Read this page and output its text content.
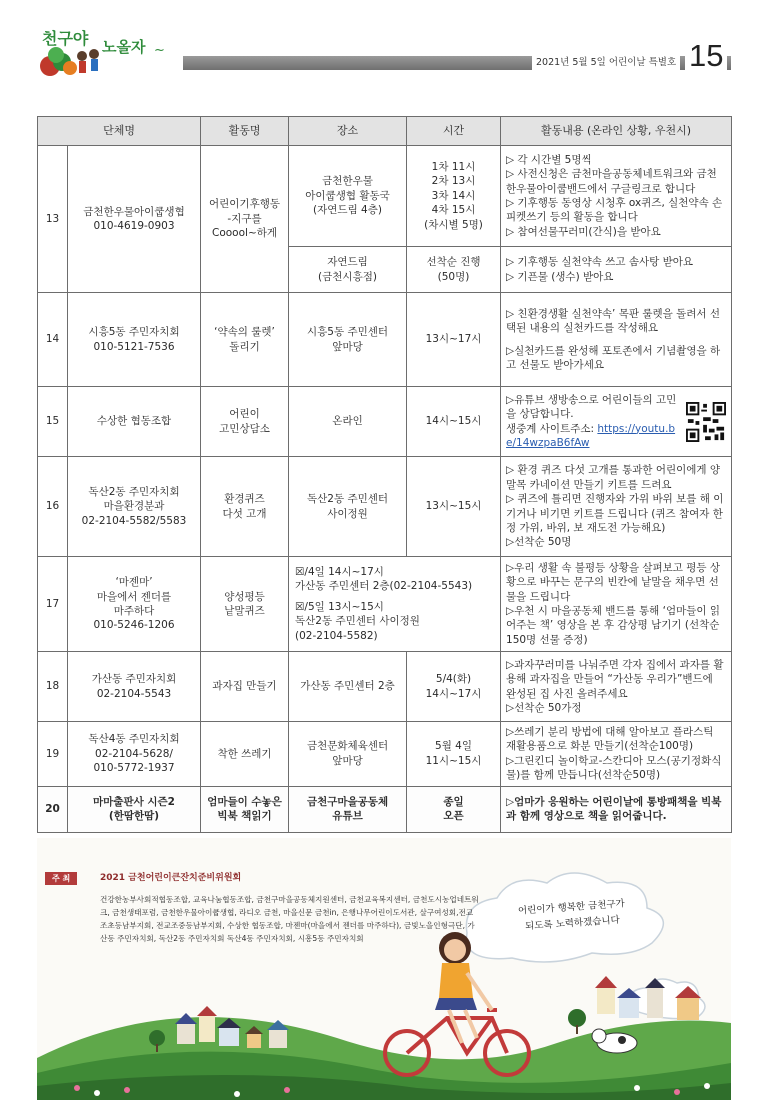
천구야 노올자 ~
2021년 5월 5일 어린이날 특별호 15
단체명		활동명	장소	시간	활동내용 (온라인 상황, 우천시)
13	금천한우물아이쿱생협
010-4619-0903	어린이기후행동
-지구를
Cooool~하게	금천한우물
아이쿱생협 활동국
(자연드림 4층)	1차 11시
2차 13시
3차 14시
4차 15시
(차시별 5명)	▷ 각 시간별 5명씩
▷ 사전신청은 금천마을공동체네트워크와 금천한우물아이쿱밴드에서 구글링크로 합니다
▷ 기후행동 동영상 시청후 ox퀴즈, 실천약속 손피켓쓰기 등의 활동을 합니다
▷ 참여선물꾸러미(간식)을 받아요

			자연드림
(금천시흥점)	선착순 진행
(50명)	▷ 기후행동 실천약속 쓰고 솜사탕 받아요
▷ 기픈물 (생수) 받아요

14	시흥5동 주민자치회
010-5121-7536	‘약속의 룰렛’
돌리기	시흥5동 주민센터
앞마당	13시~17시	▷ 친환경생활 실천약속’ 목판 룰렛을 돌려서 선택된 내용의 실천카드를 작성해요
▷실천카드를 완성해 포토존에서 기념촬영을 하고 선물도 받아가세요

15	수상한 협동조합	어린이
고민상담소	온라인	14시~15시	▷유튜브 생방송으로 어린이들의 고민을 상담합니다.
생중계 사이트주소: https://youtu.be/14wzpaB6fAw

16	독산2동 주민자치회
마을환경분과
02-2104-5582/5583	환경퀴즈
다섯 고개	독산2동 주민센터
사이정원	13시~15시	▷ 환경 퀴즈 다섯 고개를 통과한 어린이에게 양말목 카네이션 만들기 키트를 드려요
▷ 퀴즈에 틀리면 진행자와 가위 바위 보를 해 이기거나 비기면 키트를 드립니다 (퀴즈 참여자 한정 가위, 바위, 보 재도전 가능해요)
▷선착순 50명

17	‘마젠마’
마을에서 젠더를
마주하다
010-5246-1206	양성평등
낱말퀴즈	☒/4일 14시~17시
가산동 주민센터 2층(02-2104-5543)
☒/5일 13시~15시
독산2동 주민센터 사이정원
(02-2104-5582)		▷우리 생활 속 불평등 상황을 살펴보고 평등 상황으로 바꾸는 문구의 빈칸에 낱말을 채우면 선물을 드립니다
▷우천 시 마을공동체 밴드를 통해 ‘엄마들이 읽어주는 책’ 영상을 본 후 감상평 남기기 (선착순 150명 선물 증정)

18	가산동 주민자치회
02-2104-5543	과자집 만들기	가산동 주민센터 2층	5/4(화)
14시~17시	▷과자꾸러미를 나눠주면 각자 집에서 과자를 활용해 과자집을 만들어 “가산동 우리가”밴드에 완성된 집 사진 올려주세요
▷선착순 50가정

19	독산4동 주민자치회
02-2104-5628/
010-5772-1937	착한 쓰레기	금천문화체육센터
앞마당	5월 4일
11시~15시	▷쓰레기 분리 방법에 대해 알아보고 플라스틱 재활용품으로 화분 만들기(선착순100명)
▷그린킨디 놀이학교-스칸디아 모스(공기정화식물)를 함께 만듭니다(선착순50명)

20	마마출판사 시즌2
(한땀한땀)	엄마들이 수놓은
빅북 책읽기	금천구마을공동체
유튜브	종일
오픈	▷엄마가 응원하는 어린이날에 통방패책을 빅북과 함께 영상으로 책을 읽어줍니다.
주 최	2021 금천어린이큰잔치준비위원회
건강한농부사회적협동조합, 교육나눔협동조합, 금천구마을공동체지원센터, 금천교육복지센터, 금천도시농업네트워크, 금천생태포럼, 금천한우물아이쿱생협, 라디오 금천, 마을신문 금천in, 은행나무어린이도서관, 살구여성회,전교조초등남부지회, 전교조중등남부지회, 수상한 협동조합, 마젠마(마을에서 젠더를 마주하다), 금빛노을인형극단, 가산동 주민자치회, 독산2동 주민자치회 독산4동 주민자치회, 시흥5동 주민자치회
어린이가 행복한 금천구가
되도록 노력하겠습니다
